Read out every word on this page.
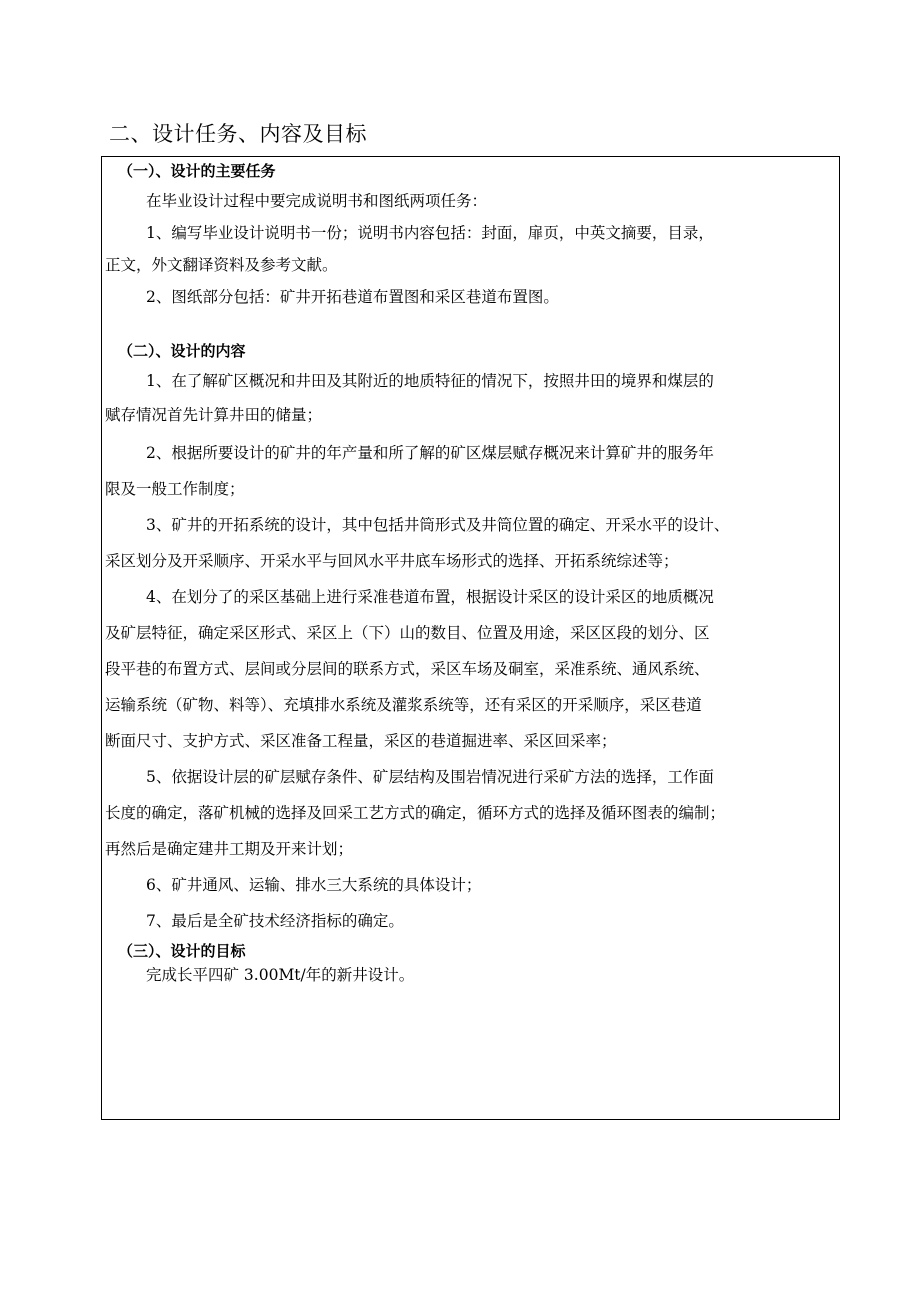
二、设计任务、内容及目标
（一）、设计的主要任务
在毕业设计过程中要完成说明书和图纸两项任务：
1、编写毕业设计说明书一份；说明书内容包括：封面，扉页，中英文摘要，目录，
正文，外文翻译资料及参考文献。
2、图纸部分包括：矿井开拓巷道布置图和采区巷道布置图。
（二）、设计的内容
1、在了解矿区概况和井田及其附近的地质特征的情况下，按照井田的境界和煤层的
赋存情况首先计算井田的储量；
2、根据所要设计的矿井的年产量和所了解的矿区煤层赋存概况来计算矿井的服务年
限及一般工作制度；
3、矿井的开拓系统的设计，其中包括井筒形式及井筒位置的确定、开采水平的设计、
采区划分及开采顺序、开采水平与回风水平井底车场形式的选择、开拓系统综述等；
4、在划分了的采区基础上进行采准巷道布置，根据设计采区的设计采区的地质概况
及矿层特征，确定采区形式、采区上（下）山的数目、位置及用途，采区区段的划分、区
段平巷的布置方式、层间或分层间的联系方式，采区车场及硐室，采准系统、通风系统、
运输系统（矿物、料等）、充填排水系统及灌浆系统等，还有采区的开采顺序，采区巷道
断面尺寸、支护方式、采区准备工程量，采区的巷道掘进率、采区回采率；
5、依据设计层的矿层赋存条件、矿层结构及围岩情况进行采矿方法的选择，工作面
长度的确定，落矿机械的选择及回采工艺方式的确定，循环方式的选择及循环图表的编制；
再然后是确定建井工期及开来计划；
6、矿井通风、运输、排水三大系统的具体设计；
7、最后是全矿技术经济指标的确定。
（三）、设计的目标
完成长平四矿 3.00Mt/年的新井设计。
